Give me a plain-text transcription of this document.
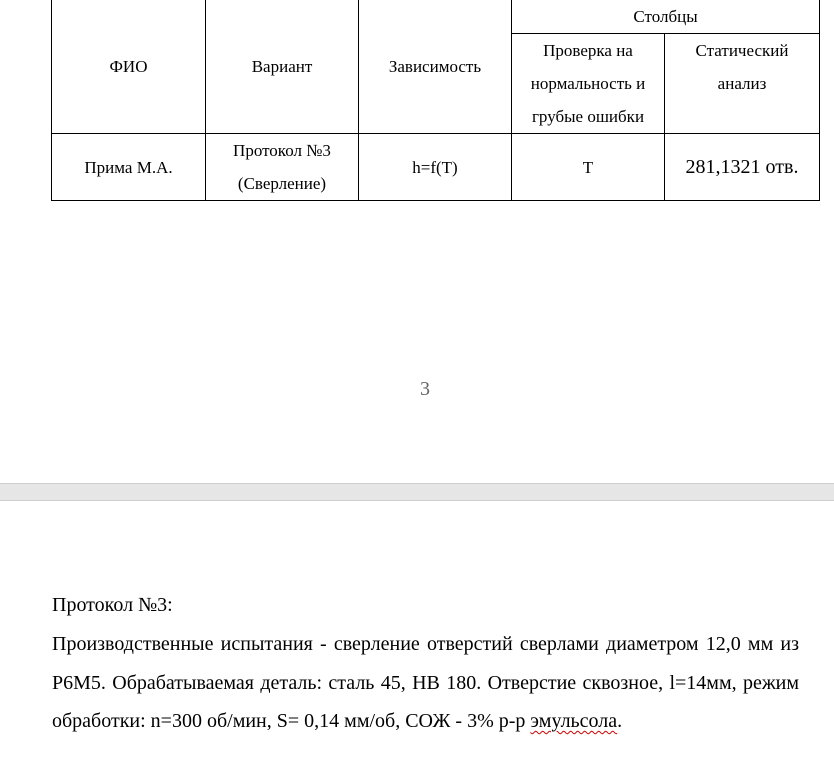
ФИО	Вариант	Зависимость	Столбцы	

			Проверка на
нормальность и
грубые ошибки	Статический
анализ

Прима М.А.	Протокол №3
(Сверление)	h=f(T)	T	281,1321 отв.
3

Протокол №3:

Производственные испытания - сверление отверстий сверлами диаметром 12,0 мм из Р6М5. Обрабатываемая деталь: сталь 45, НВ 180. Отверстие сквозное, l=14мм, режим обработки: n=300 об/мин, S= 0,14 мм/об, СОЖ - 3% р-р эмульсола.
